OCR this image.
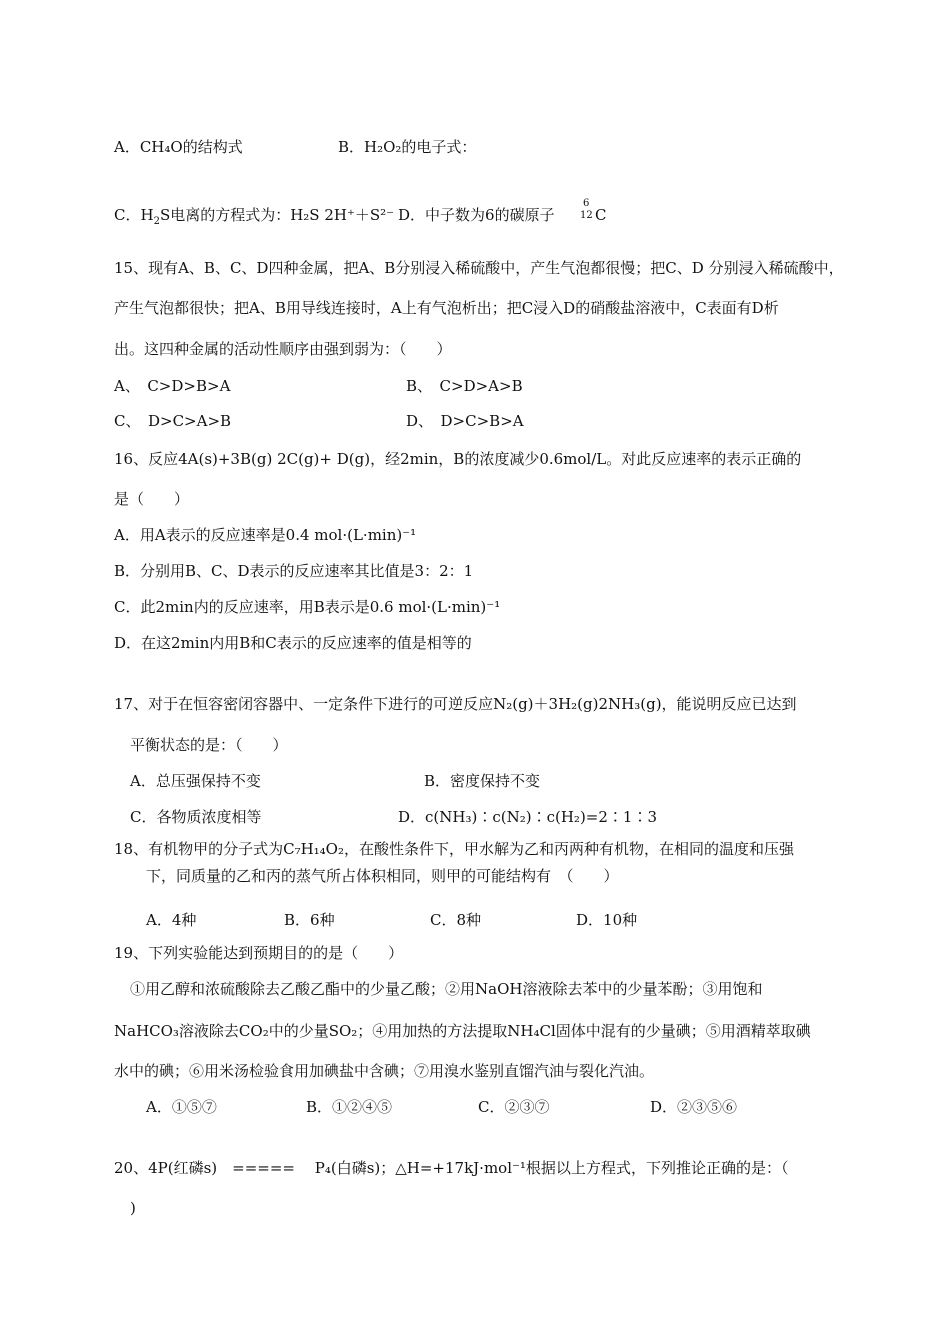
A．CH₄O的结构式	B．H₂O₂的电子式：
C．$H_2S$电离的方程式为：H₂S 2H⁺＋S²⁻ D．中子数为6的碳原子
6
12 C
15、现有A、B、C、D四种金属，把A、B分别浸入稀硫酸中，产生气泡都很慢；把C、D 分别浸入稀硫酸中，
产生气泡都很快；把A、B用导线连接时，A上有气泡析出；把C浸入D的硝酸盐溶液中，C表面有D析
出。这四种金属的活动性顺序由强到弱为：（　　）
A、　C>D>B>A	B、　C>D>A>B
C、　D>C>A>B	D、　D>C>B>A
16、反应4A(s)+3B(g) 2C(g)+ D(g)，经2min，B的浓度减少0.6mol/L。对此反应速率的表示正确的
是（　　）
A．用A表示的反应速率是0.4 mol·(L·min)⁻¹
B．分别用B、C、D表示的反应速率其比值是3：2：1
C．此2min内的反应速率，用B表示是0.6 mol·(L·min)⁻¹
D．在这2min内用B和C表示的反应速率的值是相等的
17、对于在恒容密闭容器中、一定条件下进行的可逆反应N₂(g)＋3H₂(g)2NH₃(g)，能说明反应已达到
平衡状态的是：（　　）
A．总压强保持不变	B．密度保持不变
C．各物质浓度相等	D．c(NH₃)∶c(N₂)∶c(H₂)=2∶1∶3
18、有机物甲的分子式为C₇H₁₄O₂，在酸性条件下，甲水解为乙和丙两种有机物，在相同的温度和压强
下，同质量的乙和丙的蒸气所占体积相同，则甲的可能结构有　（　　）
A．4种	B．6种	C．8种	D．10种
19、下列实验能达到预期目的的是（　　）
①用乙醇和浓硫酸除去乙酸乙酯中的少量乙酸；②用NaOH溶液除去苯中的少量苯酚；③用饱和
NaHCO₃溶液除去CO₂中的少量SO₂；④用加热的方法提取NH₄Cl固体中混有的少量碘；⑤用酒精萃取碘
水中的碘；⑥用米汤检验食用加碘盐中含碘；⑦用溴水鉴别直馏汽油与裂化汽油。
A．①⑤⑦	B．①②④⑤	C．②③⑦	D．②③⑤⑥
20、4P(红磷s)　=====　 P₄(白磷s)；△H=+17kJ·mol⁻¹根据以上方程式，下列推论正确的是：（
)
